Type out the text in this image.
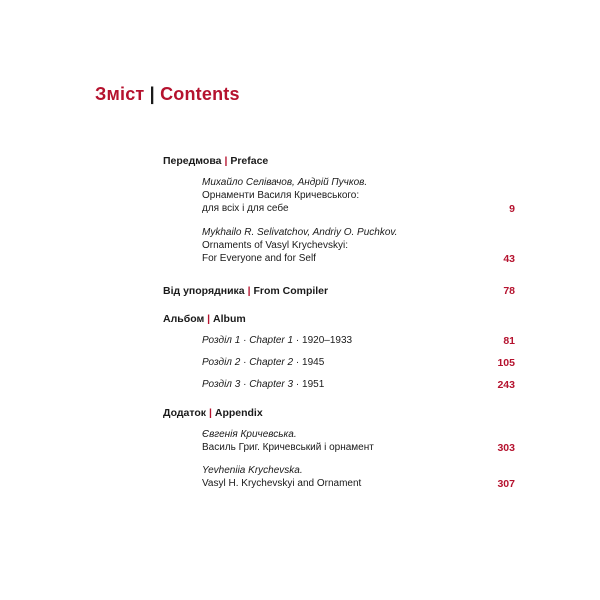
Зміст | Contents
Передмова | Preface
Михайло Селівачов, Андрій Пучков.
Орнаменти Василя Кричевського:
для всіх і для себе	9
Mykhailo R. Selivatchov, Andriy O. Puchkov.
Ornaments of Vasyl Krychevskyi:
For Everyone and for Self	43
Від упорядника | From Compiler	78
Альбом | Album
Розділ 1 · Chapter 1 · 1920–1933	81
Розділ 2 · Chapter 2 · 1945	105
Розділ 3 · Chapter 3 · 1951	243
Додаток | Appendix
Євгенія Кричевська.
Василь Григ. Кричевський і орнамент	303
Yevheniia Krychevska.
Vasyl H. Krychevskyi and Ornament	307
